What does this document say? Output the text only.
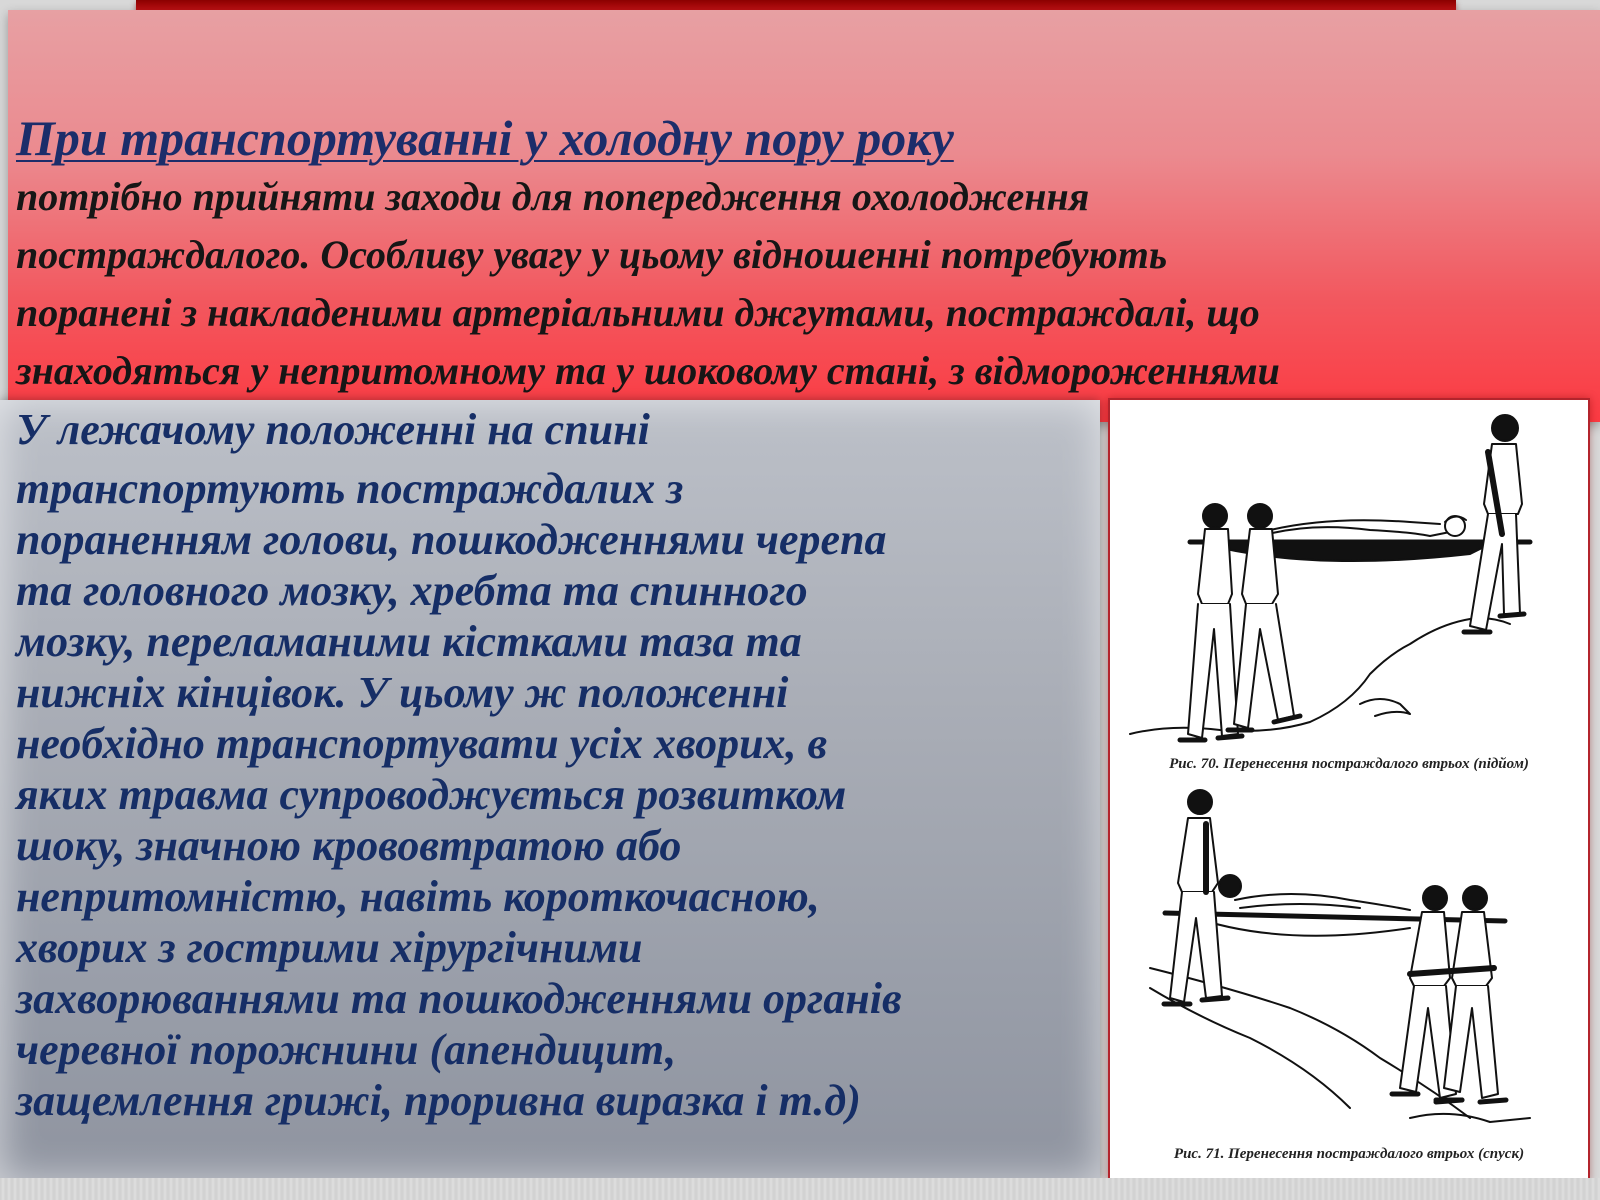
При транспортуванні у холодну пору року
потрібно прийняти заходи для попередження охолодження
постраждалого. Особливу увагу у цьому відношенні потребують
поранені з накладеними артеріальними джгутами, постраждалі, що
знаходяться у непритомному та у шоковому стані, з відмороженнями
У лежачому положенні на спині
транспортують постраждалих з
пораненням голови, пошкодженнями черепа
та головного мозку, хребта та спинного
мозку, переламаними кістками таза та
нижніх кінцівок. У цьому ж положенні
необхідно транспортувати усіх хворих, в
яких травма супроводжується розвитком
шоку, значною крововтратою або
непритомністю, навіть короткочасною,
хворих з гострими хірургічними
захворюваннями та пошкодженнями органів
черевної порожнини (апендицит,
защемлення грижі, проривна виразка і т.д)
Рис. 70. Перенесення постраждалого втрьох (підйом)
Рис. 71. Перенесення постраждалого втрьох (спуск)
